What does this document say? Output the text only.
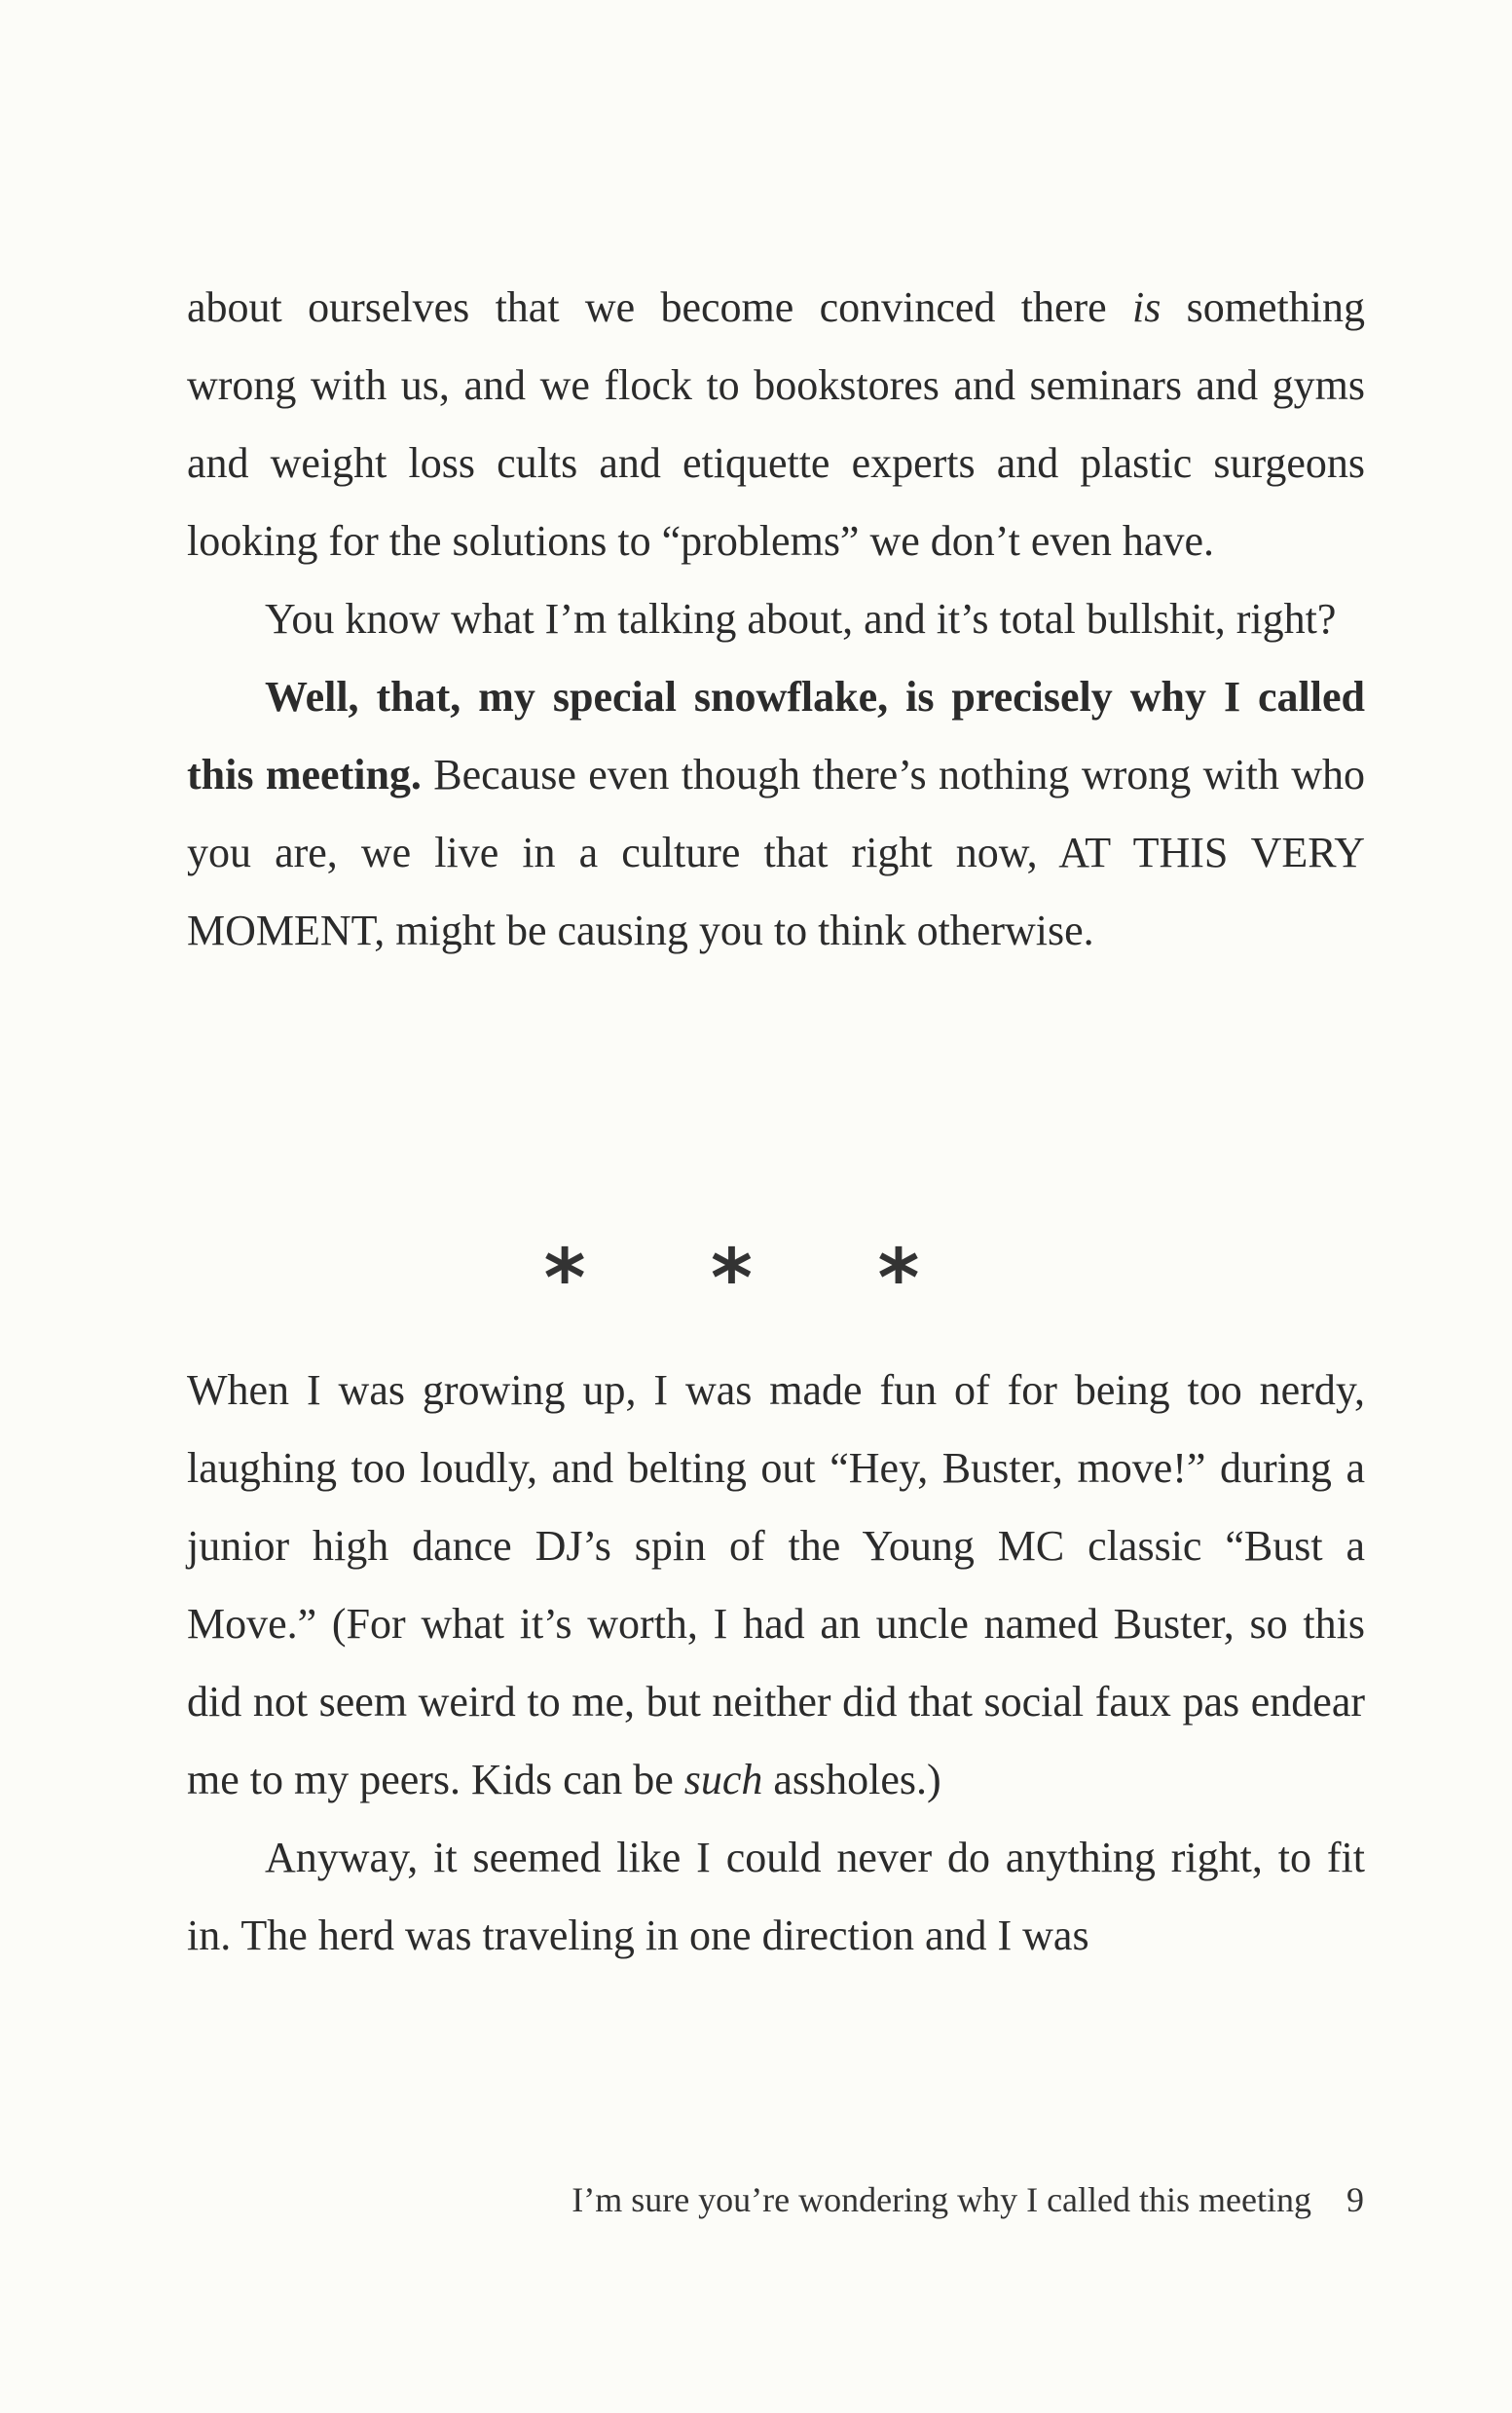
about ourselves that we become convinced there is something wrong with us, and we flock to bookstores and seminars and gyms and weight loss cults and etiquette experts and plastic surgeons looking for the solutions to “problems” we don’t even have.

You know what I’m talking about, and it’s total bullshit, right?

Well, that, my special snowflake, is precisely why I called this meeting. Because even though there’s nothing wrong with who you are, we live in a culture that right now, AT THIS VERY MOMENT, might be causing you to think otherwise.

* * *

When I was growing up, I was made fun of for being too nerdy, laughing too loudly, and belting out “Hey, Buster, move!” during a junior high dance DJ’s spin of the Young MC classic “Bust a Move.” (For what it’s worth, I had an uncle named Buster, so this did not seem weird to me, but neither did that social faux pas endear me to my peers. Kids can be such assholes.)

Anyway, it seemed like I could never do anything right, to fit in. The herd was traveling in one direction and I was

I’m sure you’re wondering why I called this meeting 9
